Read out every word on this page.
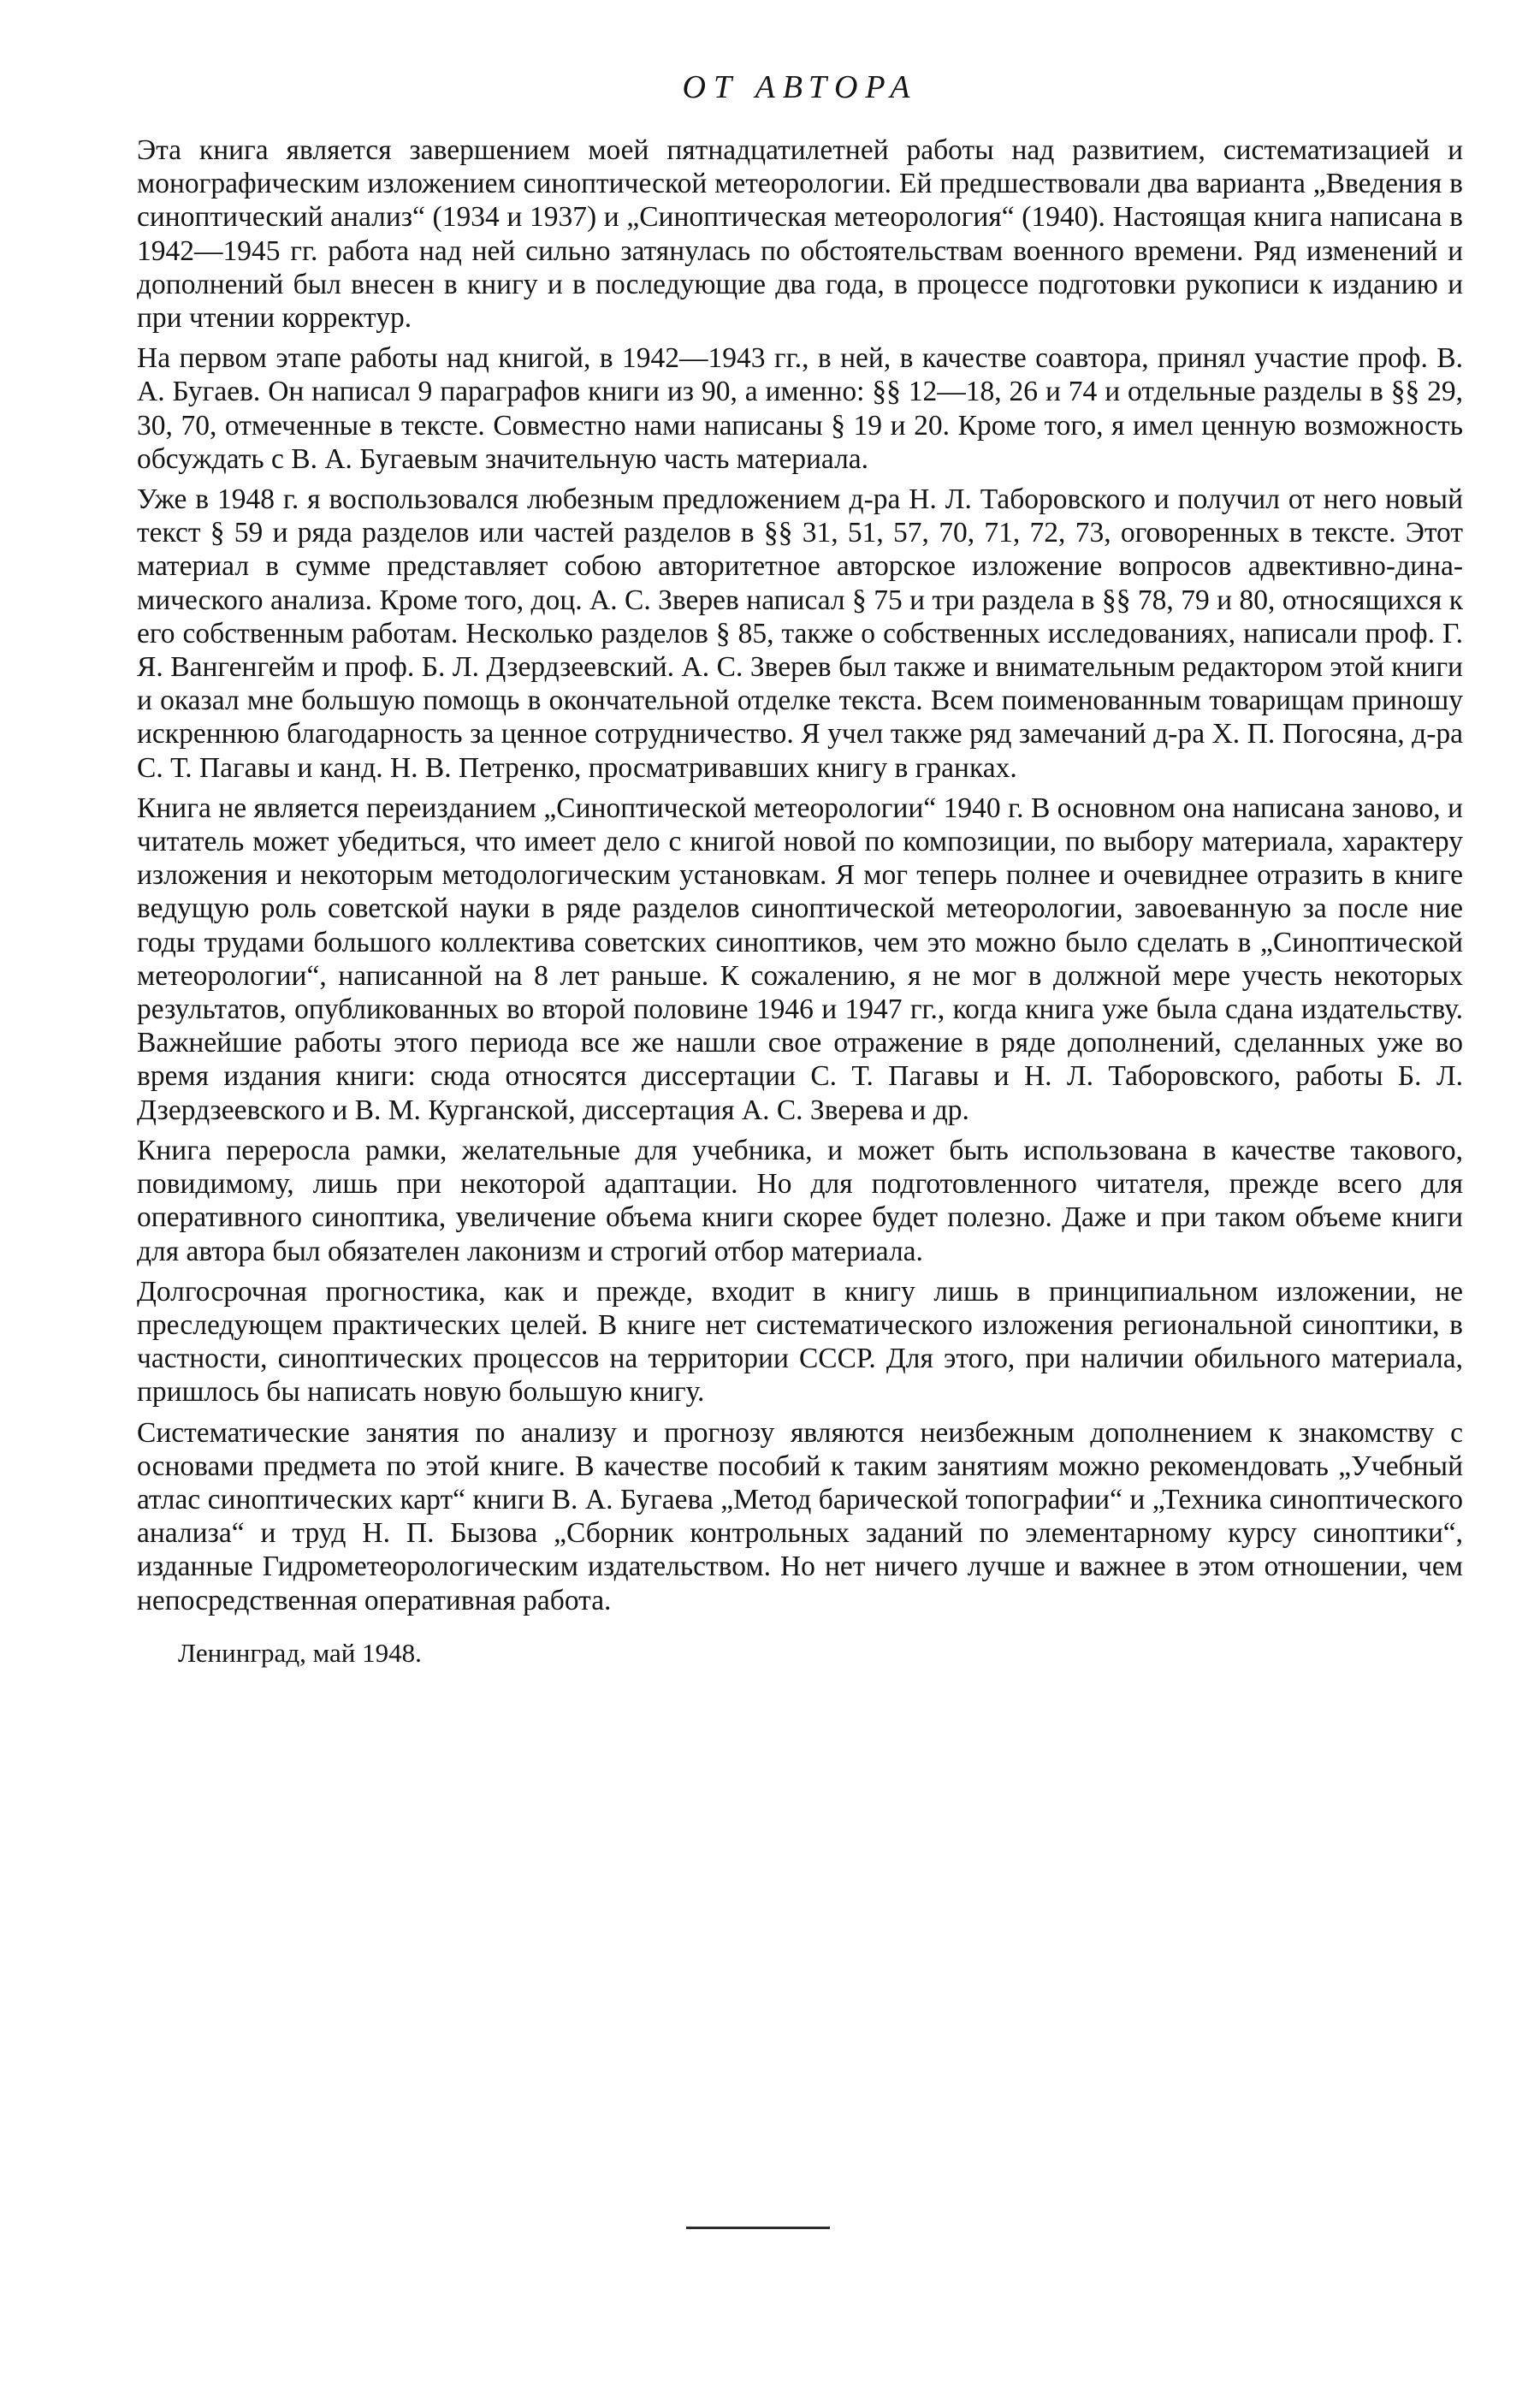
ОТ АВТОРА

Эта книга является завершением моей пятнадцатилетней работы над развитием, систематизацией и монографическим изложением синоптической метеорологии. Ей предшествовали два варианта „Введения в синоптический анализ“ (1934 и 1937) и „Синоптическая метеорология“ (1940). Настоящая книга написана в 1942—1945 гг. работа над ней сильно затянулась по обстоятельствам военного времени. Ряд изменений и дополнений был внесен в книгу и в последующие два года, в процессе подготовки рукописи к изданию и при чтении корректур.

На первом этапе работы над книгой, в 1942—1943 гг., в ней, в качестве соавтора, принял участие проф. В. А. Бугаев. Он написал 9 параграфов книги из 90, а именно: §§ 12—18, 26 и 74 и отдельные разделы в §§ 29, 30, 70, отмеченные в тексте. Совместно нами написаны § 19 и 20. Кроме того, я имел ценную возможность обсуждать с В. А. Бугаевым значительную часть материала.

Уже в 1948 г. я воспользовался любезным предложением д-ра Н. Л. Таборовского и получил от него новый текст § 59 и ряда разделов или частей разделов в §§ 31, 51, 57, 70, 71, 72, 73, оговоренных в тексте. Этот материал в сумме представляет собою авторитетное авторское изложение вопросов адвективно-динамического анализа. Кроме того, доц. А. С. Зверев написал § 75 и три раздела в §§ 78, 79 и 80, относящихся к его собственным работам. Несколько разделов § 85, также о собственных исследованиях, написали проф. Г. Я. Вангенгейм и проф. Б. Л. Дзердзеевский. А. С. Зверев был также и внимательным редактором этой книги и оказал мне большую помощь в окончательной отделке текста. Всем поименованным товарищам приношу искреннюю благодарность за ценное сотрудничество. Я учел также ряд замечаний д-ра Х. П. Погосяна, д-ра С. Т. Пагавы и канд. Н. В. Петренко, просматривавших книгу в гранках.

Книга не является переизданием „Синоптической метеорологии“ 1940 г. В основном она написана заново, и читатель может убедиться, что имеет дело с книгой новой по композиции, по выбору материала, характеру изложения и некоторым методологическим установкам. Я мог теперь полнее и очевиднее отразить в книге ведущую роль советской науки в ряде разделов синоптической метеорологии, завоеванную за после ние годы трудами большого коллектива советских синоптиков, чем это можно было сделать в „Синоптической метеорологии“, написанной на 8 лет раньше. К сожалению, я не мог в должной мере учесть некоторых результатов, опубликованных во второй половине 1946 и 1947 гг., когда книга уже была сдана издательству. Важнейшие работы этого периода все же нашли свое отражение в ряде дополнений, сделанных уже во время издания книги: сюда относятся диссертации С. Т. Пагавы и Н. Л. Таборовского, работы Б. Л. Дзердзеевского и В. М. Курганской, диссертация А. С. Зверева и др.

Книга переросла рамки, желательные для учебника, и может быть использована в качестве такового, повидимому, лишь при некоторой адаптации. Но для подготовленного читателя, прежде всего для оперативного синоптика, увеличение объема книги скорее будет полезно. Даже и при таком объеме книги для автора был обязателен лаконизм и строгий отбор материала.

Долгосрочная прогностика, как и прежде, входит в книгу лишь в принципиальном изложении, не преследующем практических целей. В книге нет систематического изложения региональной синоптики, в частности, синоптических процессов на территории СССР. Для этого, при наличии обильного материала, пришлось бы написать новую большую книгу.

Систематические занятия по анализу и прогнозу являются неизбежным дополнением к знакомству с основами предмета по этой книге. В качестве пособий к таким занятиям можно рекомендовать „Учебный атлас синоптических карт“ книги В. А. Бугаева „Метод барической топографии“ и „Техника синоптического анализа“ и труд Н. П. Бызова „Сборник контрольных заданий по элементарному курсу синоптики“, изданные Гидрометеорологическим издательством. Но нет ничего лучше и важнее в этом отношении, чем непосредственная оперативная работа.

Ленинград, май 1948.
